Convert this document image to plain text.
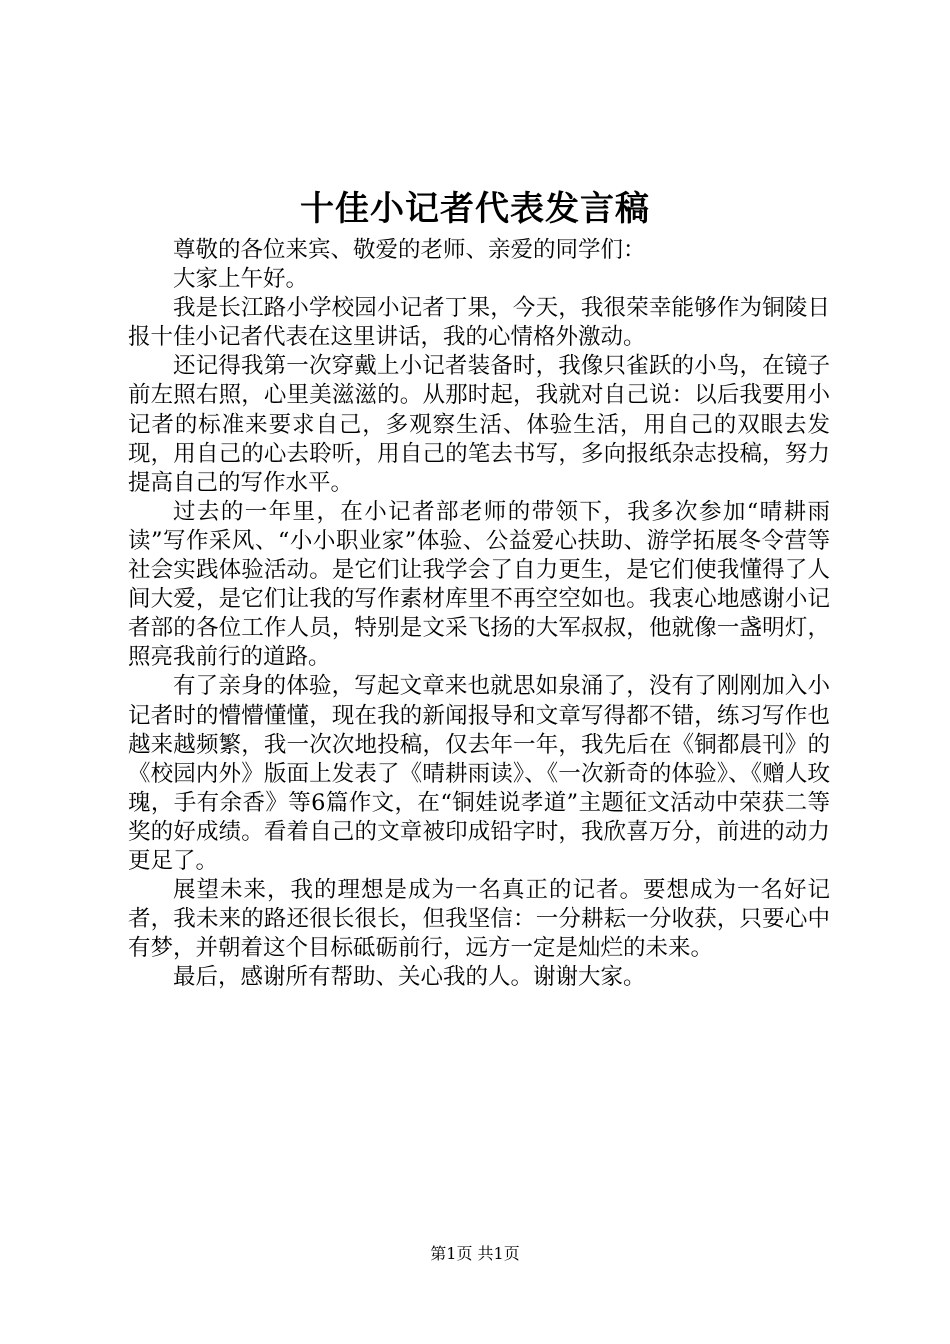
十佳小记者代表发言稿

尊敬的各位来宾、敬爱的老师、亲爱的同学们：

大家上午好。

我是长江路小学校园小记者丁果，今天，我很荣幸能够作为铜陵日报十佳小记者代表在这里讲话，我的心情格外激动。

还记得我第一次穿戴上小记者装备时，我像只雀跃的小鸟，在镜子前左照右照，心里美滋滋的。从那时起，我就对自己说：以后我要用小记者的标准来要求自己，多观察生活、体验生活，用自己的双眼去发现，用自己的心去聆听，用自己的笔去书写，多向报纸杂志投稿，努力提高自己的写作水平。

过去的一年里，在小记者部老师的带领下，我多次参加“晴耕雨读”写作采风、“小小职业家”体验、公益爱心扶助、游学拓展冬令营等社会实践体验活动。是它们让我学会了自力更生，是它们使我懂得了人间大爱，是它们让我的写作素材库里不再空空如也。我衷心地感谢小记者部的各位工作人员，特别是文采飞扬的大军叔叔，他就像一盏明灯，照亮我前行的道路。

有了亲身的体验，写起文章来也就思如泉涌了，没有了刚刚加入小记者时的懵懵懂懂，现在我的新闻报导和文章写得都不错，练习写作也越来越频繁，我一次次地投稿，仅去年一年，我先后在《铜都晨刊》的《校园内外》版面上发表了《晴耕雨读》、《一次新奇的体验》、《赠人玫瑰，手有余香》等6篇作文，在“铜娃说孝道”主题征文活动中荣获二等奖的好成绩。看着自己的文章被印成铅字时，我欣喜万分，前进的动力更足了。

展望未来，我的理想是成为一名真正的记者。要想成为一名好记者，我未来的路还很长很长，但我坚信：一分耕耘一分收获，只要心中有梦，并朝着这个目标砥砺前行，远方一定是灿烂的未来。

最后，感谢所有帮助、关心我的人。谢谢大家。

第1页 共1页
